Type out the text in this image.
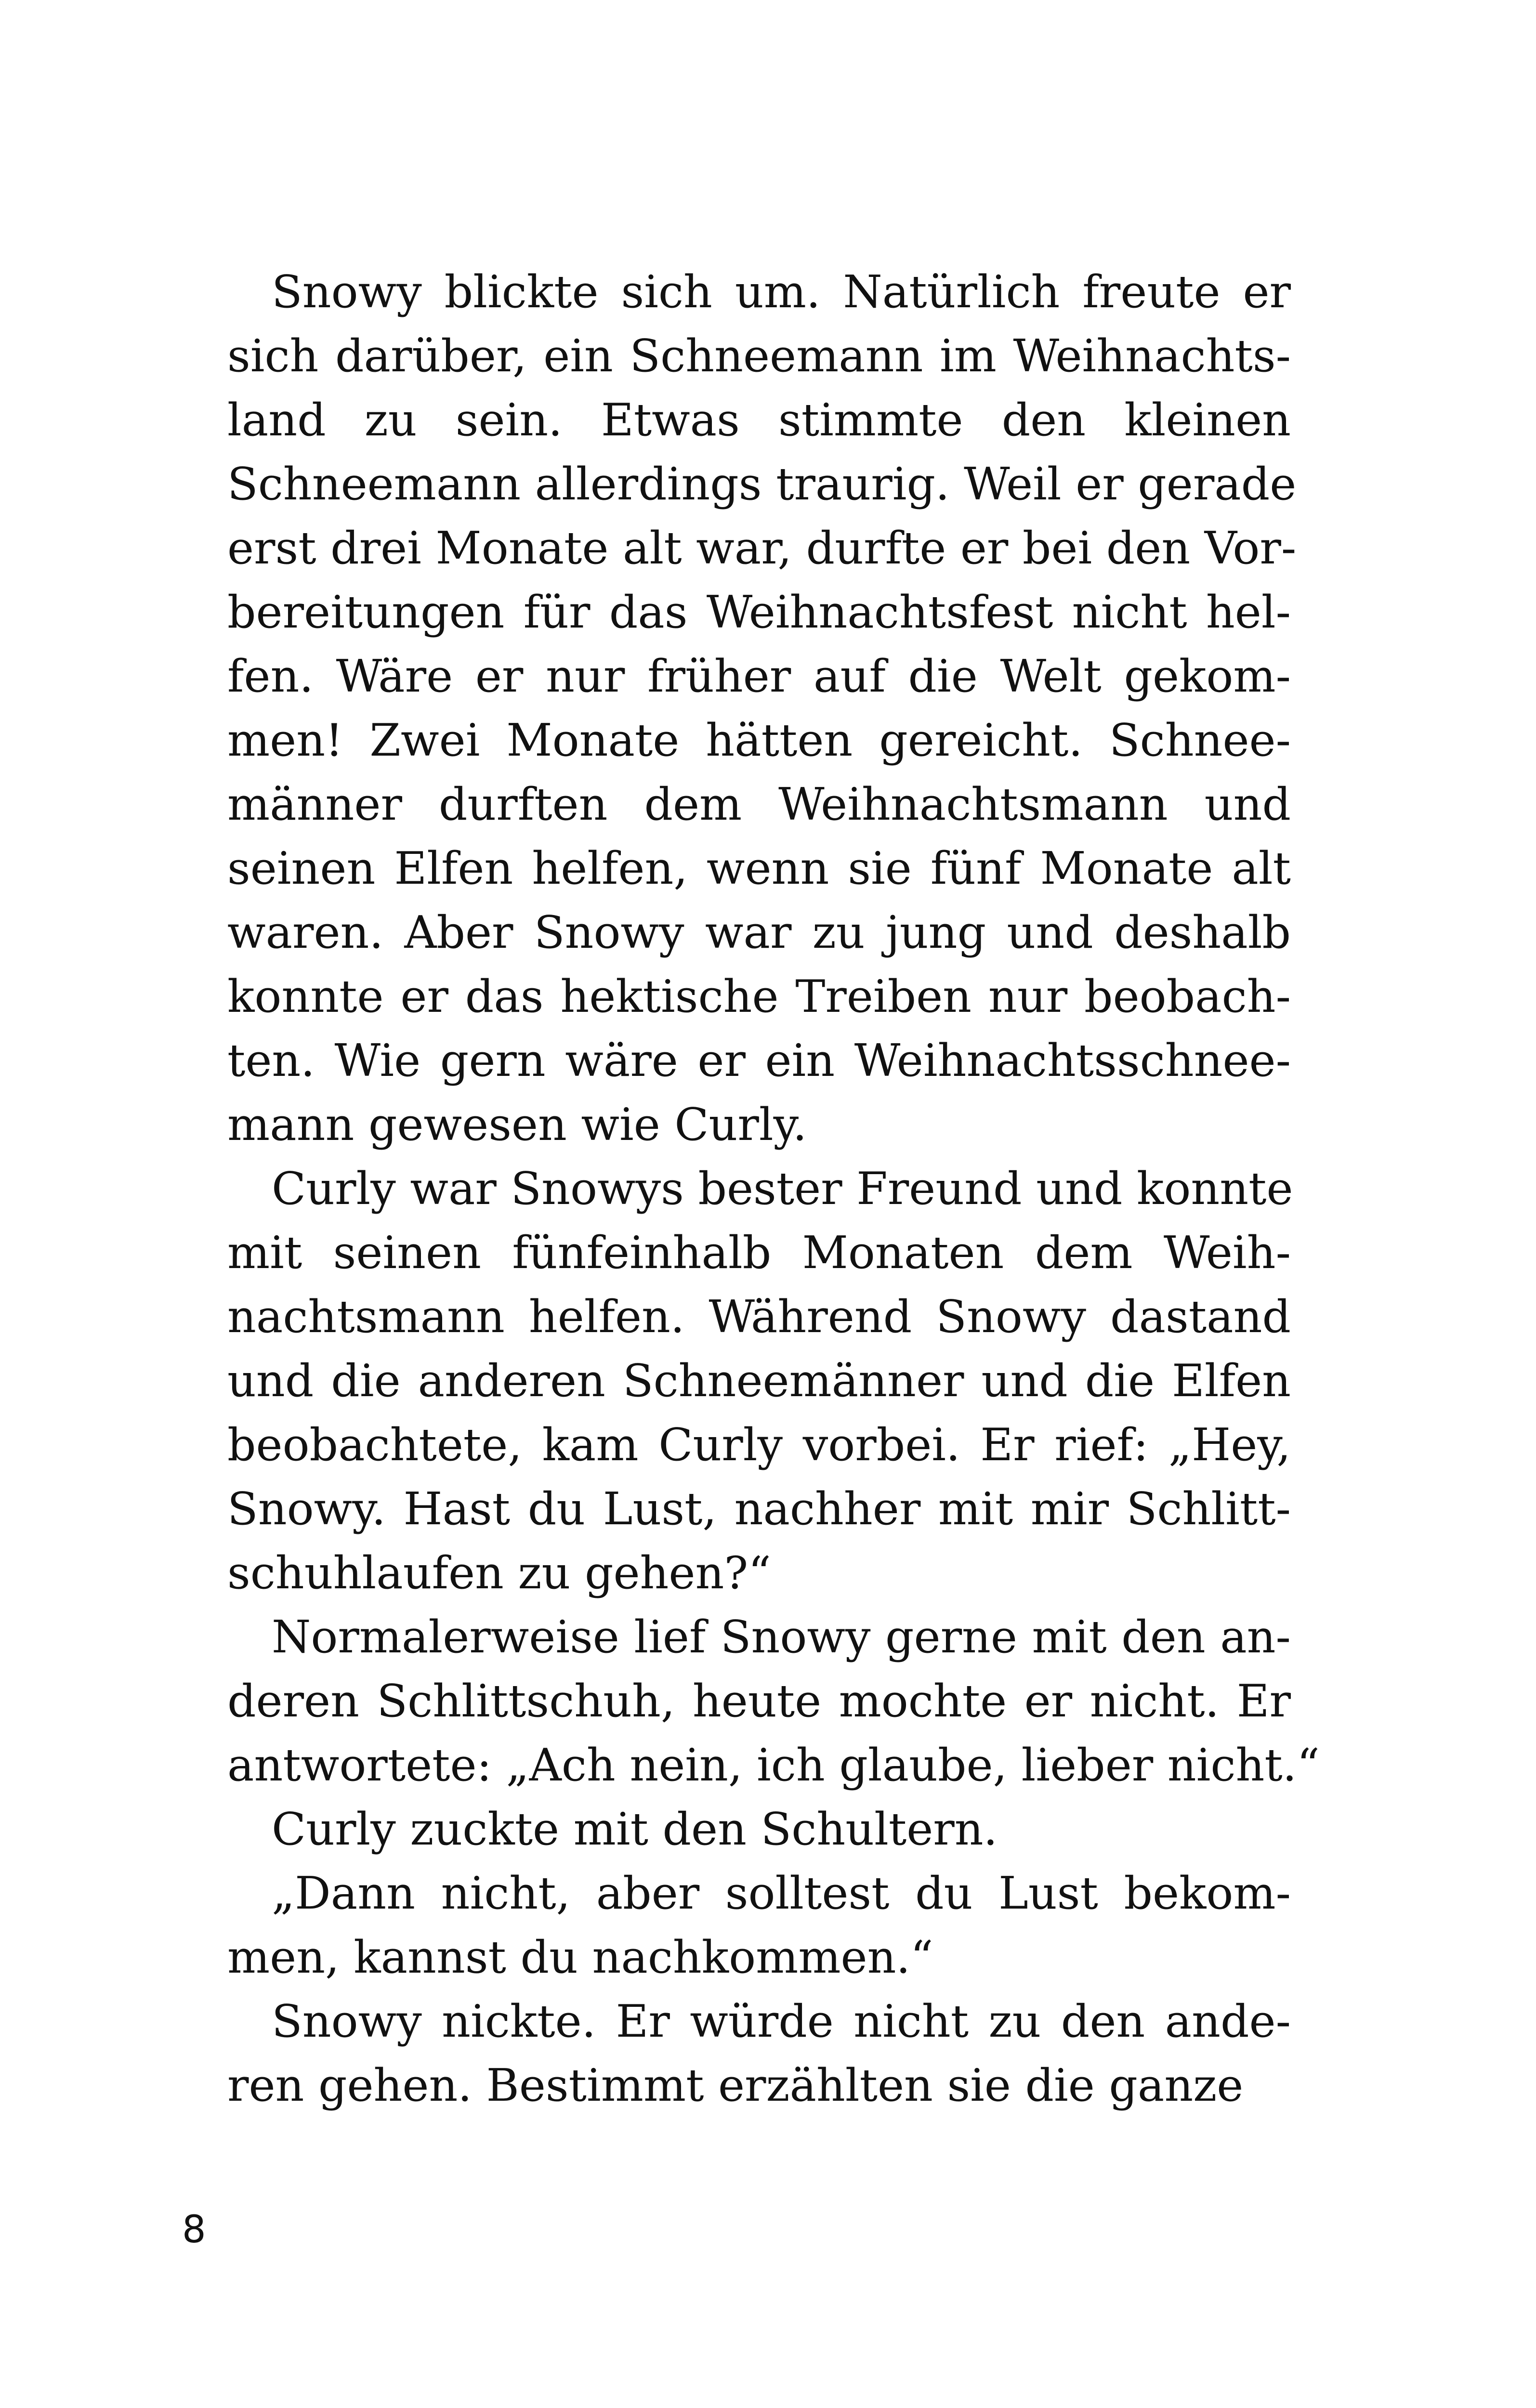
Snowy blickte sich um. Natürlich freute er
sich darüber, ein Schneemann im Weihnachts-
land zu sein. Etwas stimmte den kleinen
Schneemann allerdings traurig. Weil er gerade
erst drei Monate alt war, durfte er bei den Vor-
bereitungen für das Weihnachtsfest nicht hel-
fen. Wäre er nur früher auf die Welt gekom-
men! Zwei Monate hätten gereicht. Schnee-
männer durften dem Weihnachtsmann und
seinen Elfen helfen, wenn sie fünf Monate alt
waren. Aber Snowy war zu jung und deshalb
konnte er das hektische Treiben nur beobach-
ten. Wie gern wäre er ein Weihnachtsschnee-
mann gewesen wie Curly.

Curly war Snowys bester Freund und konnte
mit seinen fünfeinhalb Monaten dem Weih-
nachtsmann helfen. Während Snowy dastand
und die anderen Schneemänner und die Elfen
beobachtete, kam Curly vorbei. Er rief: „Hey,
Snowy. Hast du Lust, nachher mit mir Schlitt-
schuhlaufen zu gehen?“

Normalerweise lief Snowy gerne mit den an-
deren Schlittschuh, heute mochte er nicht. Er
antwortete: „Ach nein, ich glaube, lieber nicht.“

Curly zuckte mit den Schultern.

„Dann nicht, aber solltest du Lust bekom-
men, kannst du nachkommen.“

Snowy nickte. Er würde nicht zu den ande-
ren gehen. Bestimmt erzählten sie die ganze

8
